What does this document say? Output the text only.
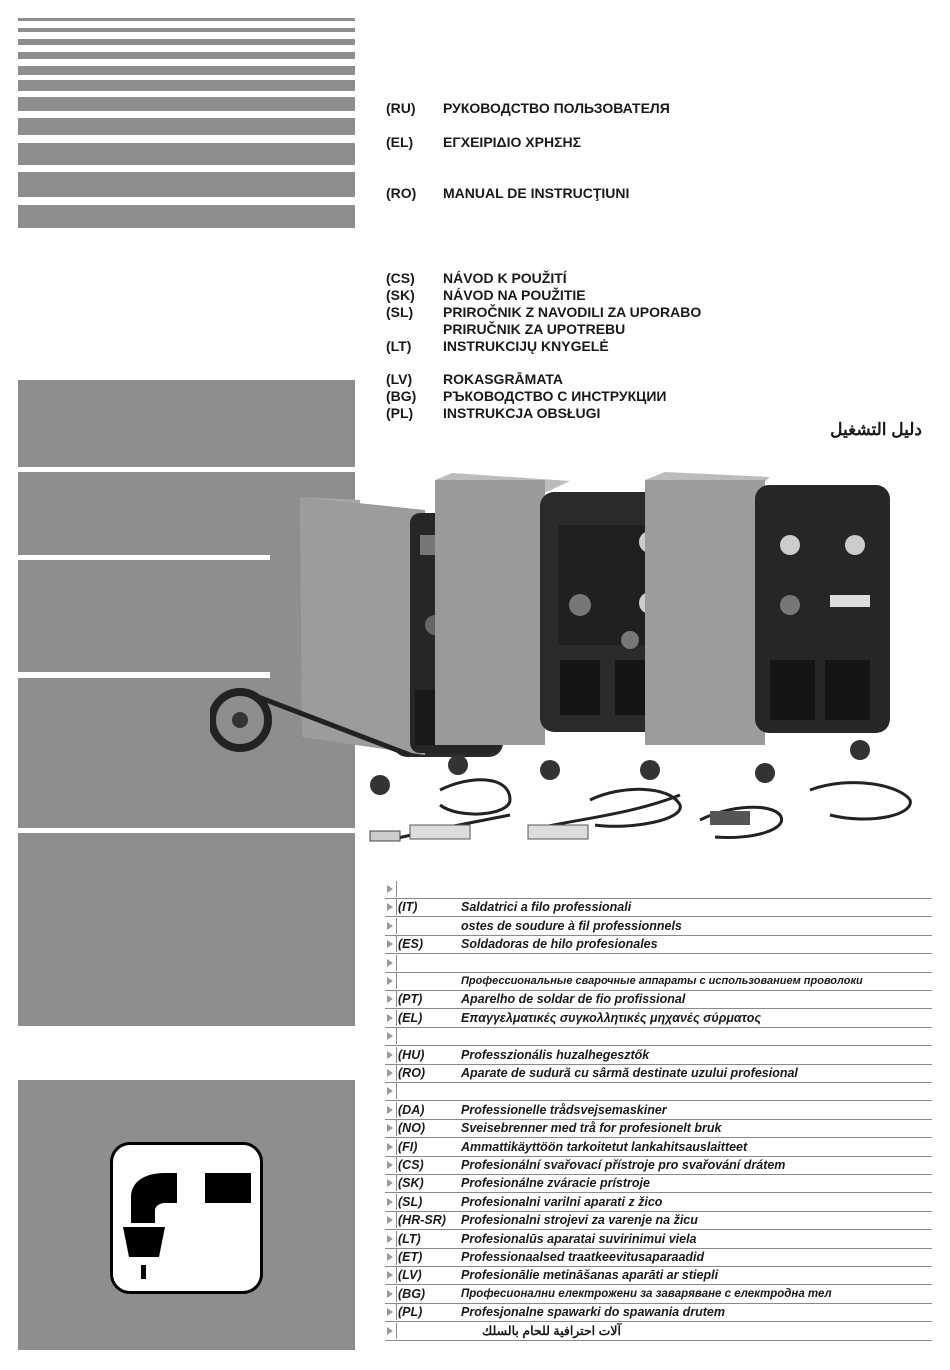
(RU) РУКОВОДСТВО ПОЛЬЗОВАТЕЛЯ
(EL) ΕΓΧΕΙΡΙΔΙΟ ΧΡΗΣΗΣ
(RO) MANUAL DE INSTRUCŢIUNI
(CS) NÁVOD K POUŽITÍ
(SK) NÁVOD NA POUŽITIE
(SL) PRIROČNIK Z NAVODILI ZA UPORABO
PRIRUČNIK ZA UPOTREBU
(LT) INSTRUKCIJŲ KNYGELĖ
(LV) ROKASGRĀMATA
(BG) РЪКОВОДСТВО С ИНСТРУКЦИИ
(PL) INSTRUKCJA OBSŁUGI
دليل التشغيل
(IT)	Saldatrici a filo professionali
ostes de soudure à fil professionnels
(ES)	Soldadoras de hilo profesionales
Профессиональные сварочные аппараты с использованием проволоки
(PT)	Aparelho de soldar de fio profissional
(EL)	Επαγγελματικές συγκολλητικές μηχανές σύρματος
(HU)	Professzionális huzalhegesztők
(RO)	Aparate de sudură cu sârmă destinate uzului profesional
(DA)	Professionelle trådsvejsemaskiner
(NO)	Sveisebrenner med trå for profesionelt bruk
(FI)	Ammattikäyttöön tarkoitetut lankahitsauslaitteet
(CS)	Profesionální svařovací přístroje pro svařování drátem
(SK)	Profesionálne zváracie prístroje
(SL)	Profesionalni varilni aparati z žico
(HR-SR) Profesionalni strojevi za varenje na žicu
(LT)	Profesionalūs aparatai suvirinimui viela
(ET)	Professionaalsed traatkeevitusaparaadid
(LV)	Profesionālie metināšanas aparāti ar stiepli
(BG)	Професионални електрожени за заваряване с електродна тел
(PL)	Profesjonalne spawarki do spawania drutem
آلات احترافية للحام بالسلك
